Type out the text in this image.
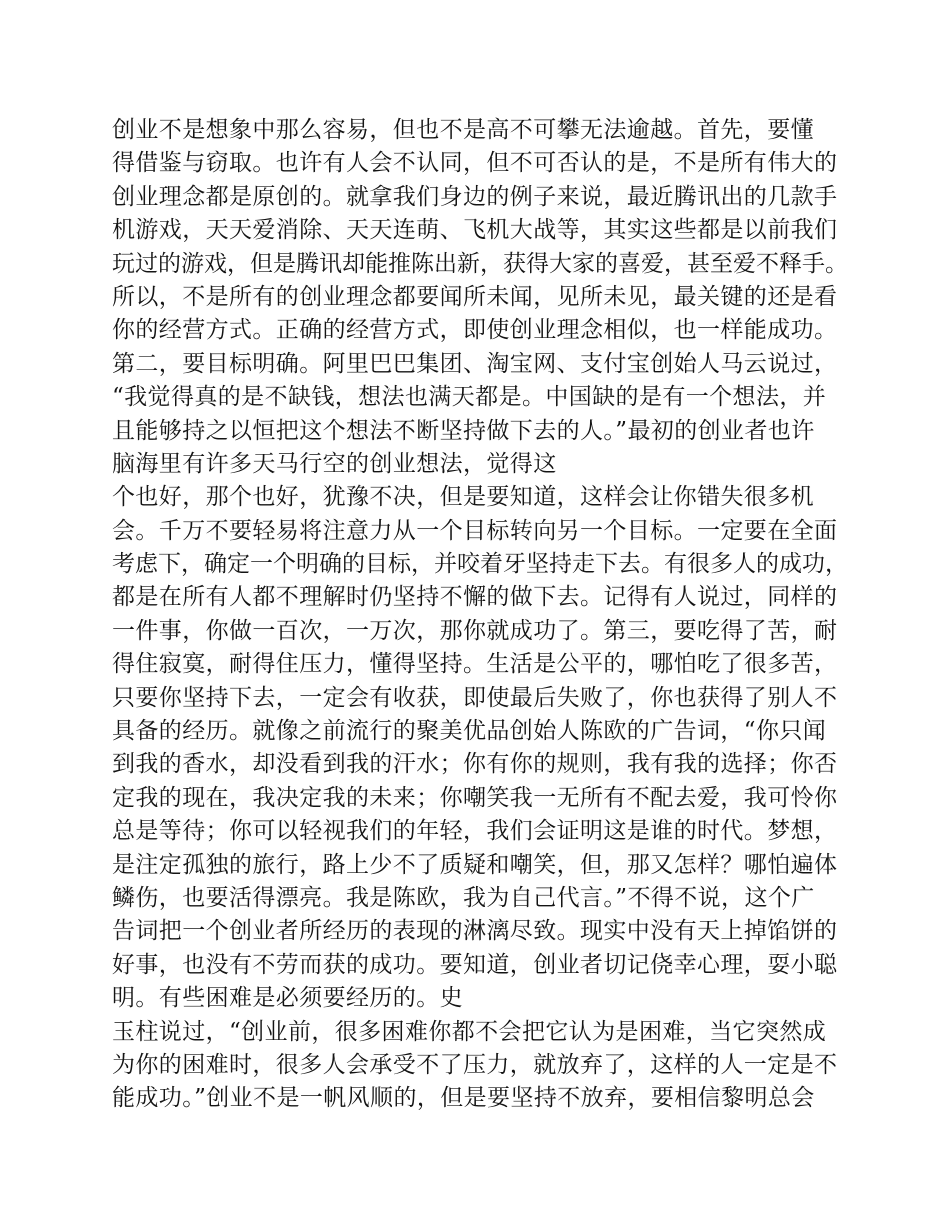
创业不是想象中那么容易，但也不是高不可攀无法逾越。首先，要懂
得借鉴与窃取。也许有人会不认同，但不可否认的是，不是所有伟大的
创业理念都是原创的。就拿我们身边的例子来说，最近腾讯出的几款手
机游戏，天天爱消除、天天连萌、飞机大战等，其实这些都是以前我们
玩过的游戏，但是腾讯却能推陈出新，获得大家的喜爱，甚至爱不释手。
所以，不是所有的创业理念都要闻所未闻，见所未见，最关键的还是看
你的经营方式。正确的经营方式，即使创业理念相似，也一样能成功。
第二，要目标明确。阿里巴巴集团、淘宝网、支付宝创始人马云说过，
“我觉得真的是不缺钱，想法也满天都是。中国缺的是有一个想法，并
且能够持之以恒把这个想法不断坚持做下去的人。”最初的创业者也许
脑海里有许多天马行空的创业想法，觉得这
个也好，那个也好，犹豫不决，但是要知道，这样会让你错失很多机
会。千万不要轻易将注意力从一个目标转向另一个目标。一定要在全面
考虑下，确定一个明确的目标，并咬着牙坚持走下去。有很多人的成功，
都是在所有人都不理解时仍坚持不懈的做下去。记得有人说过，同样的
一件事，你做一百次，一万次，那你就成功了。第三，要吃得了苦，耐
得住寂寞，耐得住压力，懂得坚持。生活是公平的，哪怕吃了很多苦，
只要你坚持下去，一定会有收获，即使最后失败了，你也获得了别人不
具备的经历。就像之前流行的聚美优品创始人陈欧的广告词，“你只闻
到我的香水，却没看到我的汗水；你有你的规则，我有我的选择；你否
定我的现在，我决定我的未来；你嘲笑我一无所有不配去爱，我可怜你
总是等待；你可以轻视我们的年轻，我们会证明这是谁的时代。梦想，
是注定孤独的旅行，路上少不了质疑和嘲笑，但，那又怎样？哪怕遍体
鳞伤，也要活得漂亮。我是陈欧，我为自己代言。”不得不说，这个广
告词把一个创业者所经历的表现的淋漓尽致。现实中没有天上掉馅饼的
好事，也没有不劳而获的成功。要知道，创业者切记侥幸心理，耍小聪
明。有些困难是必须要经历的。史
玉柱说过，“创业前，很多困难你都不会把它认为是困难，当它突然成
为你的困难时，很多人会承受不了压力，就放弃了，这样的人一定是不
能成功。”创业不是一帆风顺的，但是要坚持不放弃，要相信黎明总会
